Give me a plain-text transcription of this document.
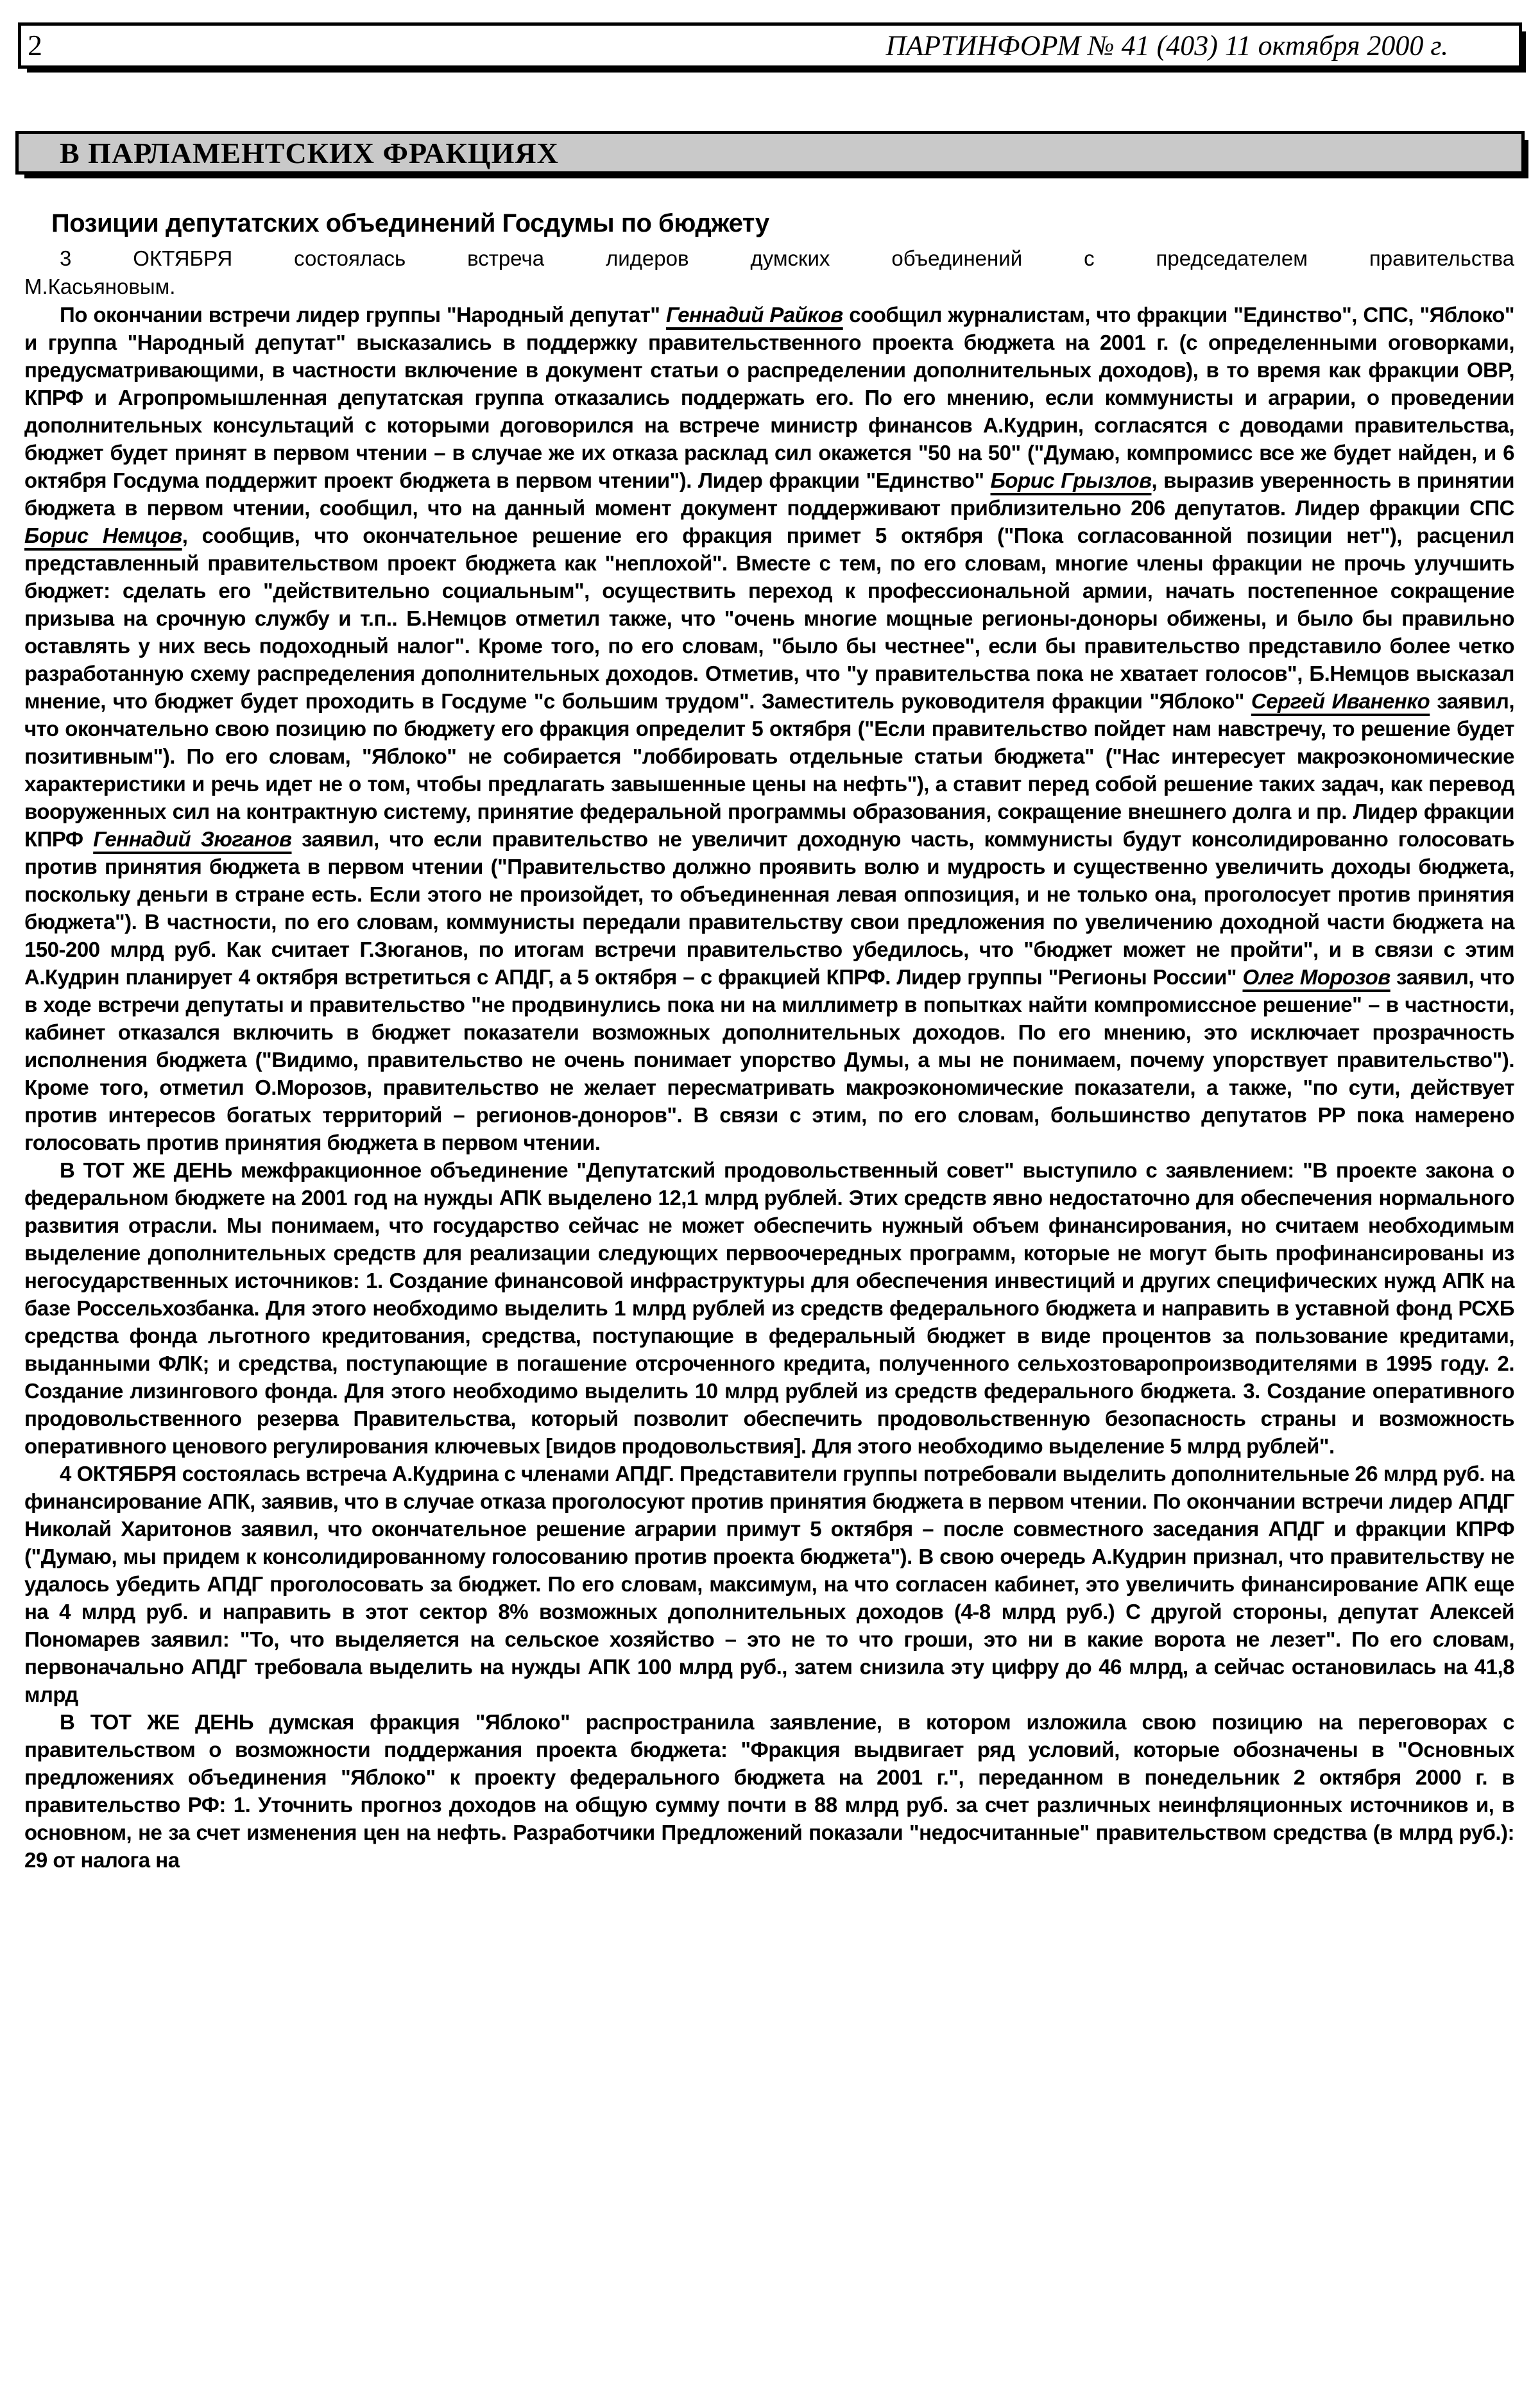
2	ПАРТИНФОРМ № 41 (403) 11 октября 2000 г.
В ПАРЛАМЕНТСКИХ ФРАКЦИЯХ
Позиции депутатских объединений Госдумы по бюджету

3 ОКТЯБРЯ состоялась встреча лидеров думских объединений с председателем правительства
М.Касьяновым.

По окончании встречи лидер группы "Народный депутат" Геннадий Райков сообщил журналистам, что фракции "Единство", СПС, "Яблоко" и группа "Народный депутат" высказались в поддержку правительственного проекта бюджета на 2001 г. (с определенными оговорками, предусматривающими, в частности включение в документ статьи о распределении дополнительных доходов), в то время как фракции ОВР, КПРФ и Агропромышленная депутатская группа отказались поддержать его. По его мнению, если коммунисты и аграрии, о проведении дополнительных консультаций с которыми договорился на встрече министр финансов А.Кудрин, согласятся с доводами правительства, бюджет будет принят в первом чтении – в случае же их отказа расклад сил окажется "50 на 50" ("Думаю, компромисс все же будет найден, и 6 октября Госдума поддержит проект бюджета в первом чтении"). Лидер фракции "Единство" Борис Грызлов, выразив уверенность в принятии бюджета в первом чтении, сообщил, что на данный момент документ поддерживают приблизительно 206 депутатов. Лидер фракции СПС Борис Немцов, сообщив, что окончательное решение его фракция примет 5 октября ("Пока согласованной позиции нет"), расценил представленный правительством проект бюджета как "неплохой". Вместе с тем, по его словам, многие члены фракции не прочь улучшить бюджет: сделать его "действительно социальным", осуществить переход к профессиональной армии, начать постепенное сокращение призыва на срочную службу и т.п.. Б.Немцов отметил также, что "очень многие мощные регионы-доноры обижены, и было бы правильно оставлять у них весь подоходный налог". Кроме того, по его словам, "было бы честнее", если бы правительство представило более четко разработанную схему распределения дополнительных доходов. Отметив, что "у правительства пока не хватает голосов", Б.Немцов высказал мнение, что бюджет будет проходить в Госдуме "с большим трудом". Заместитель руководителя фракции "Яблоко" Сергей Иваненко заявил, что окончательно свою позицию по бюджету его фракция определит 5 октября ("Если правительство пойдет нам навстречу, то решение будет позитивным"). По его словам, "Яблоко" не собирается "лоббировать отдельные статьи бюджета" ("Нас интересует макроэкономические характеристики и речь идет не о том, чтобы предлагать завышенные цены на нефть"), а ставит перед собой решение таких задач, как перевод вооруженных сил на контрактную систему, принятие федеральной программы образования, сокращение внешнего долга и пр. Лидер фракции КПРФ Геннадий Зюганов заявил, что если правительство не увеличит доходную часть, коммунисты будут консолидированно голосовать против принятия бюджета в первом чтении ("Правительство должно проявить волю и мудрость и существенно увеличить доходы бюджета, поскольку деньги в стране есть. Если этого не произойдет, то объединенная левая оппозиция, и не только она, проголосует против принятия бюджета"). В частности, по его словам, коммунисты передали правительству свои предложения по увеличению доходной части бюджета на 150-200 млрд руб. Как считает Г.Зюганов, по итогам встречи правительство убедилось, что "бюджет может не пройти", и в связи с этим А.Кудрин планирует 4 октября встретиться с АПДГ, а 5 октября – с фракцией КПРФ. Лидер группы "Регионы России" Олег Морозов заявил, что в ходе встречи депутаты и правительство "не продвинулись пока ни на миллиметр в попытках найти компромиссное решение" – в частности, кабинет отказался включить в бюджет показатели возможных дополнительных доходов. По его мнению, это исключает прозрачность исполнения бюджета ("Видимо, правительство не очень понимает упорство Думы, а мы не понимаем, почему упорствует правительство"). Кроме того, отметил О.Морозов, правительство не желает пересматривать макроэкономические показатели, а также, "по сути, действует против интересов богатых территорий – регионов-доноров". В связи с этим, по его словам, большинство депутатов РР пока намерено голосовать против принятия бюджета в первом чтении.

В ТОТ ЖЕ ДЕНЬ межфракционное объединение "Депутатский продовольственный совет" выступило с заявлением: "В проекте закона о федеральном бюджете на 2001 год на нужды АПК выделено 12,1 млрд рублей. Этих средств явно недостаточно для обеспечения нормального развития отрасли. Мы понимаем, что государство сейчас не может обеспечить нужный объем финансирования, но считаем необходимым выделение дополнительных средств для реализации следующих первоочередных программ, которые не могут быть профинансированы из негосударственных источников: 1. Создание финансовой инфраструктуры для обеспечения инвестиций и других специфических нужд АПК на базе Россельхозбанка. Для этого необходимо выделить 1 млрд рублей из средств федерального бюджета и направить в уставной фонд РСХБ средства фонда льготного кредитования, средства, поступающие в федеральный бюджет в виде процентов за пользование кредитами, выданными ФЛК; и средства, поступающие в погашение отсроченного кредита, полученного сельхозтоваропроизводителями в 1995 году. 2. Создание лизингового фонда. Для этого необходимо выделить 10 млрд рублей из средств федерального бюджета. 3. Создание оперативного продовольственного резерва Правительства, который позволит обеспечить продовольственную безопасность страны и возможность оперативного ценового регулирования ключевых [видов продовольствия]. Для этого необходимо выделение 5 млрд рублей".

4 ОКТЯБРЯ состоялась встреча А.Кудрина с членами АПДГ. Представители группы потребовали выделить дополнительные 26 млрд руб. на финансирование АПК, заявив, что в случае отказа проголосуют против принятия бюджета в первом чтении. По окончании встречи лидер АПДГ Николай Харитонов заявил, что окончательное решение аграрии примут 5 октября – после совместного заседания АПДГ и фракции КПРФ ("Думаю, мы придем к консолидированному голосованию против проекта бюджета"). В свою очередь А.Кудрин признал, что правительству не удалось убедить АПДГ проголосовать за бюджет. По его словам, максимум, на что согласен кабинет, это увеличить финансирование АПК еще на 4 млрд руб. и направить в этот сектор 8% возможных дополнительных доходов (4-8 млрд руб.) С другой стороны, депутат Алексей Пономарев заявил: "То, что выделяется на сельское хозяйство – это не то что гроши, это ни в какие ворота не лезет". По его словам, первоначально АПДГ требовала выделить на нужды АПК 100 млрд руб., затем снизила эту цифру до 46 млрд, а сейчас остановилась на 41,8 млрд

В ТОТ ЖЕ ДЕНЬ думская фракция "Яблоко" распространила заявление, в котором изложила свою позицию на переговорах с правительством о возможности поддержания проекта бюджета: "Фракция выдвигает ряд условий, которые обозначены в "Основных предложениях объединения "Яблоко" к проекту федерального бюджета на 2001 г.", переданном в понедельник 2 октября 2000 г. в правительство РФ: 1. Уточнить прогноз доходов на общую сумму почти в 88 млрд руб. за счет различных неинфляционных источников и, в основном, не за счет изменения цен на нефть. Разработчики Предложений показали "недосчитанные" правительством средства (в млрд руб.): 29 от налога на
